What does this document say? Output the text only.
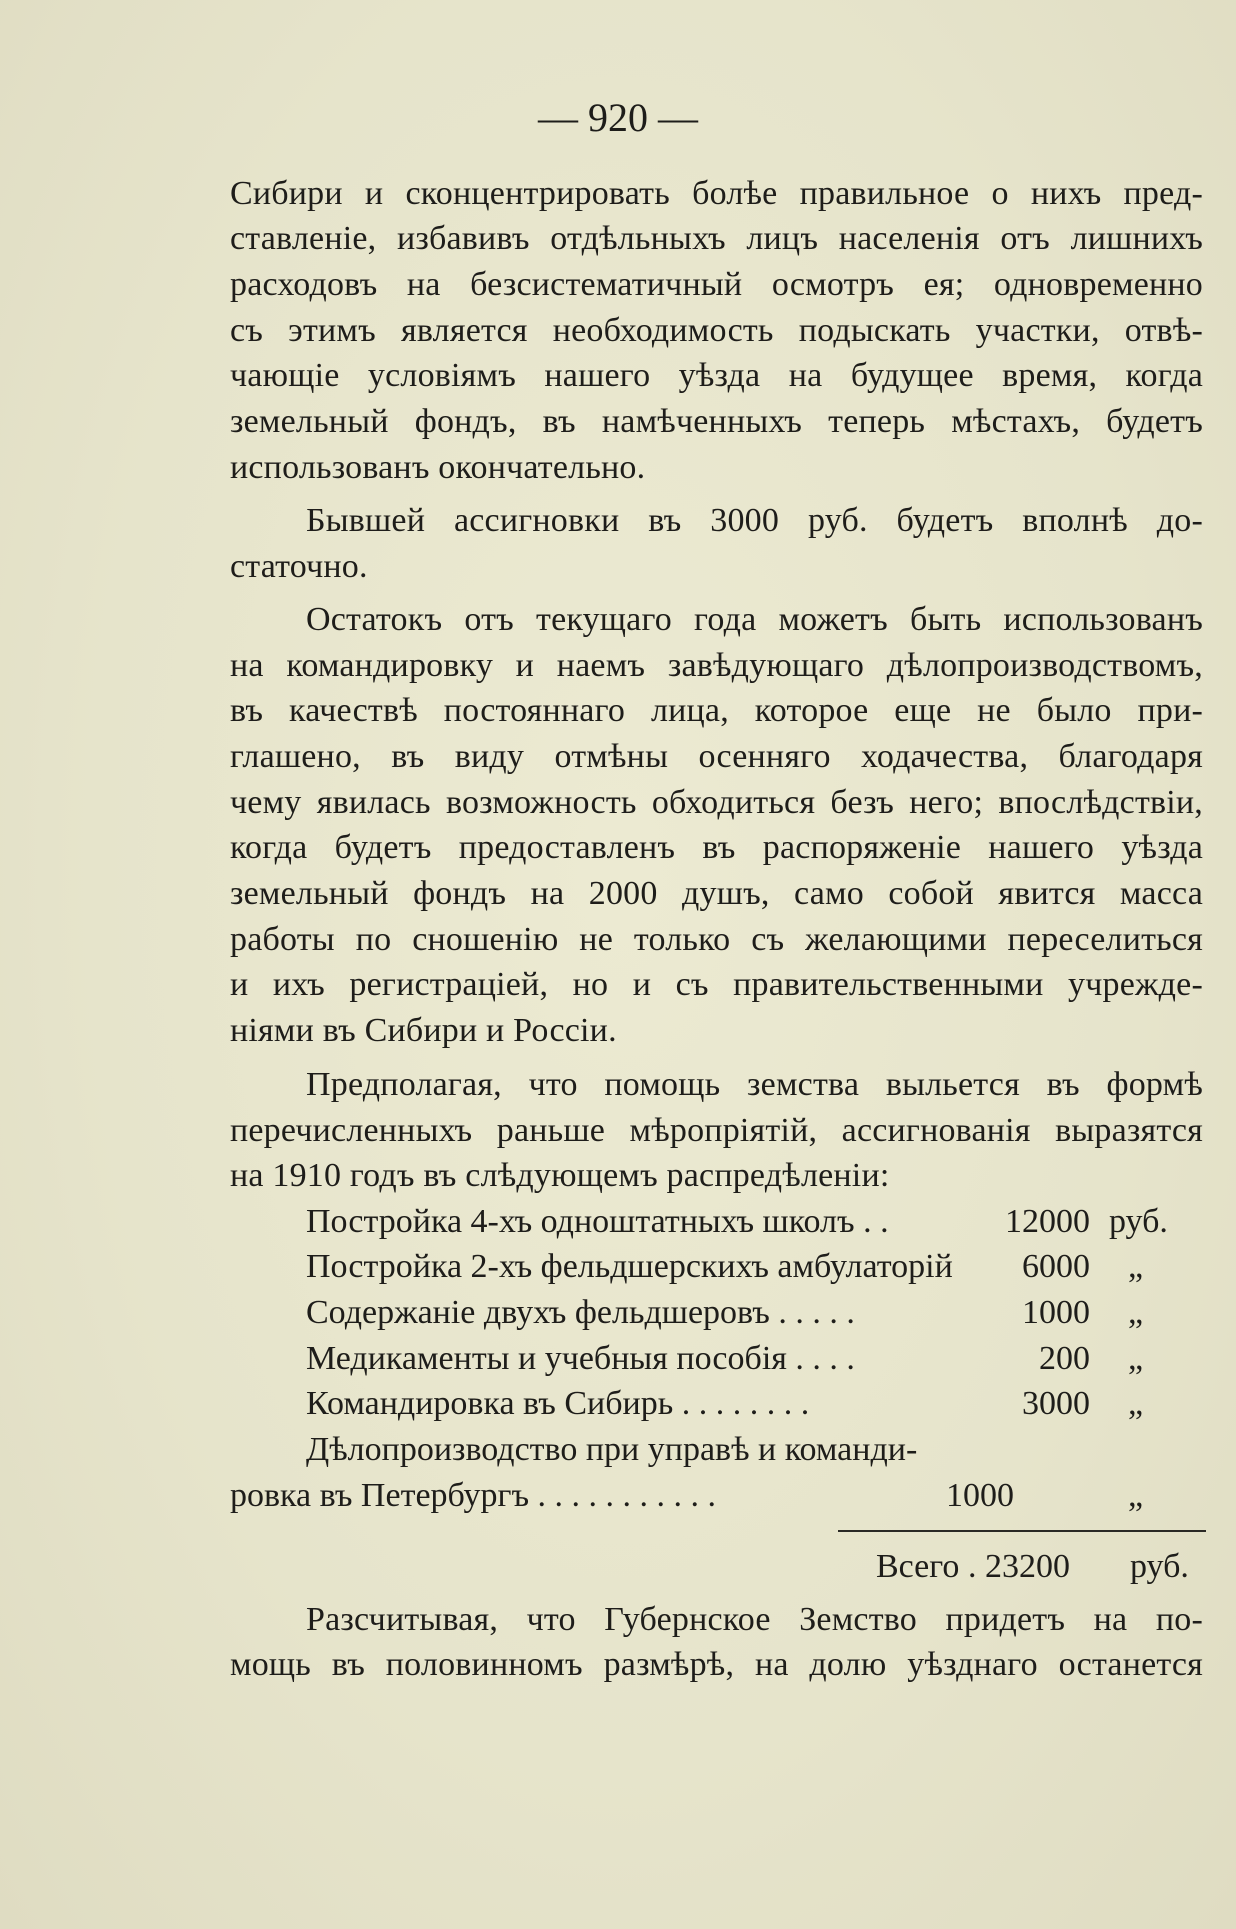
— 920 —
Сибири и сконцентрировать болѣе правильное о нихъ пред-
ставленіе, избавивъ отдѣльныхъ лицъ населенія отъ лишнихъ
расходовъ на безсистематичный осмотръ ея; одновременно
съ этимъ является необходимость подыскать участки, отвѣ-
чающіе условіямъ нашего уѣзда на будущее время, когда
земельный фондъ, въ намѣченныхъ теперь мѣстахъ, будетъ
использованъ окончательно.
Бывшей ассигновки въ 3000 руб. будетъ вполнѣ до-
статочно.
Остатокъ отъ текущаго года можетъ быть использованъ
на командировку и наемъ завѣдующаго дѣлопроизводствомъ,
въ качествѣ постояннаго лица, которое еще не было при-
глашено, въ виду отмѣны осенняго ходачества, благодаря
чему явилась возможность обходиться безъ него; впослѣдствіи,
когда будетъ предоставленъ въ распоряженіе нашего уѣзда
земельный фондъ на 2000 душъ, само собой явится масса
работы по сношенію не только съ желающими переселиться
и ихъ регистраціей, но и съ правительственными учрежде-
ніями въ Сибири и Россіи.
Предполагая, что помощь земства выльется въ формѣ
перечисленныхъ раньше мѣропріятій, ассигнованія выразятся
на 1910 годъ въ слѣдующемъ распредѣленіи:
Постройка 4-хъ одноштатныхъ школъ . .	12000 руб.
Постройка 2-хъ фельдшерскихъ амбулаторій	6000 „
Содержаніе двухъ фельдшеровъ . . . . .	1000 „
Медикаменты и учебныя пособія . . . .	200 „
Командировка въ Сибирь . . . . . . . .	3000 „
Дѣлопроизводство при управѣ и команди-
ровка въ Петербургъ . . . . . . . . . . .	1000	„
Всего . 23200 руб.
Разсчитывая, что Губернское Земство придетъ на по-
мощь въ половинномъ размѣрѣ, на долю уѣзднаго останется
